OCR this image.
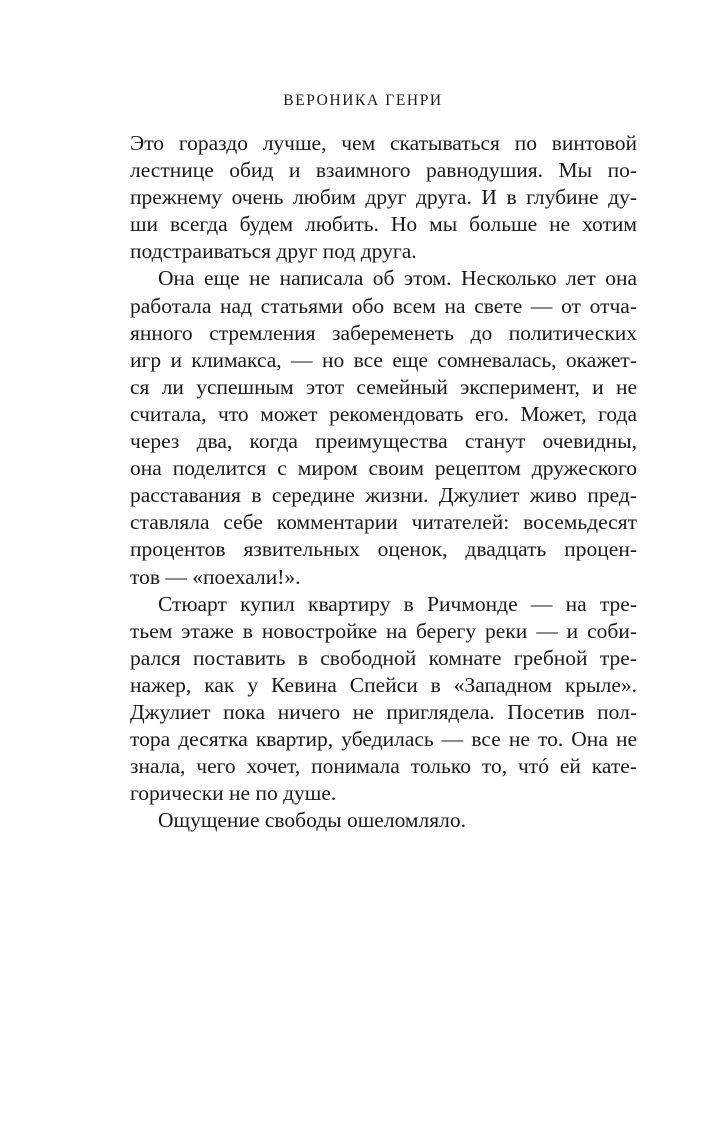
ВЕРОНИКА ГЕНРИ
Это гораздо лучше, чем скатываться по винтовой
лестнице обид и взаимного равнодушия. Мы по-
прежнему очень любим друг друга. И в глубине ду-
ши всегда будем любить. Но мы больше не хотим
подстраиваться друг под друга.
Она еще не написала об этом. Несколько лет она
работала над статьями обо всем на свете — от отча-
янного стремления забеременеть до политических
игр и климакса, — но все еще сомневалась, окажет-
ся ли успешным этот семейный эксперимент, и не
считала, что может рекомендовать его. Может, года
через два, когда преимущества станут очевидны,
она поделится с миром своим рецептом дружеского
расставания в середине жизни. Джулиет живо пред-
ставляла себе комментарии читателей: восемьдесят
процентов язвительных оценок, двадцать процен-
тов — «поехали!».
Стюарт купил квартиру в Ричмонде — на тре-
тьем этаже в новостройке на берегу реки — и соби-
рался поставить в свободной комнате гребной тре-
нажер, как у Кевина Спейси в «Западном крыле».
Джулиет пока ничего не приглядела. Посетив пол-
тора десятка квартир, убедилась — все не то. Она не
знала, чего хочет, понимала только то, чтó ей кате-
горически не по душе.
Ощущение свободы ошеломляло.
